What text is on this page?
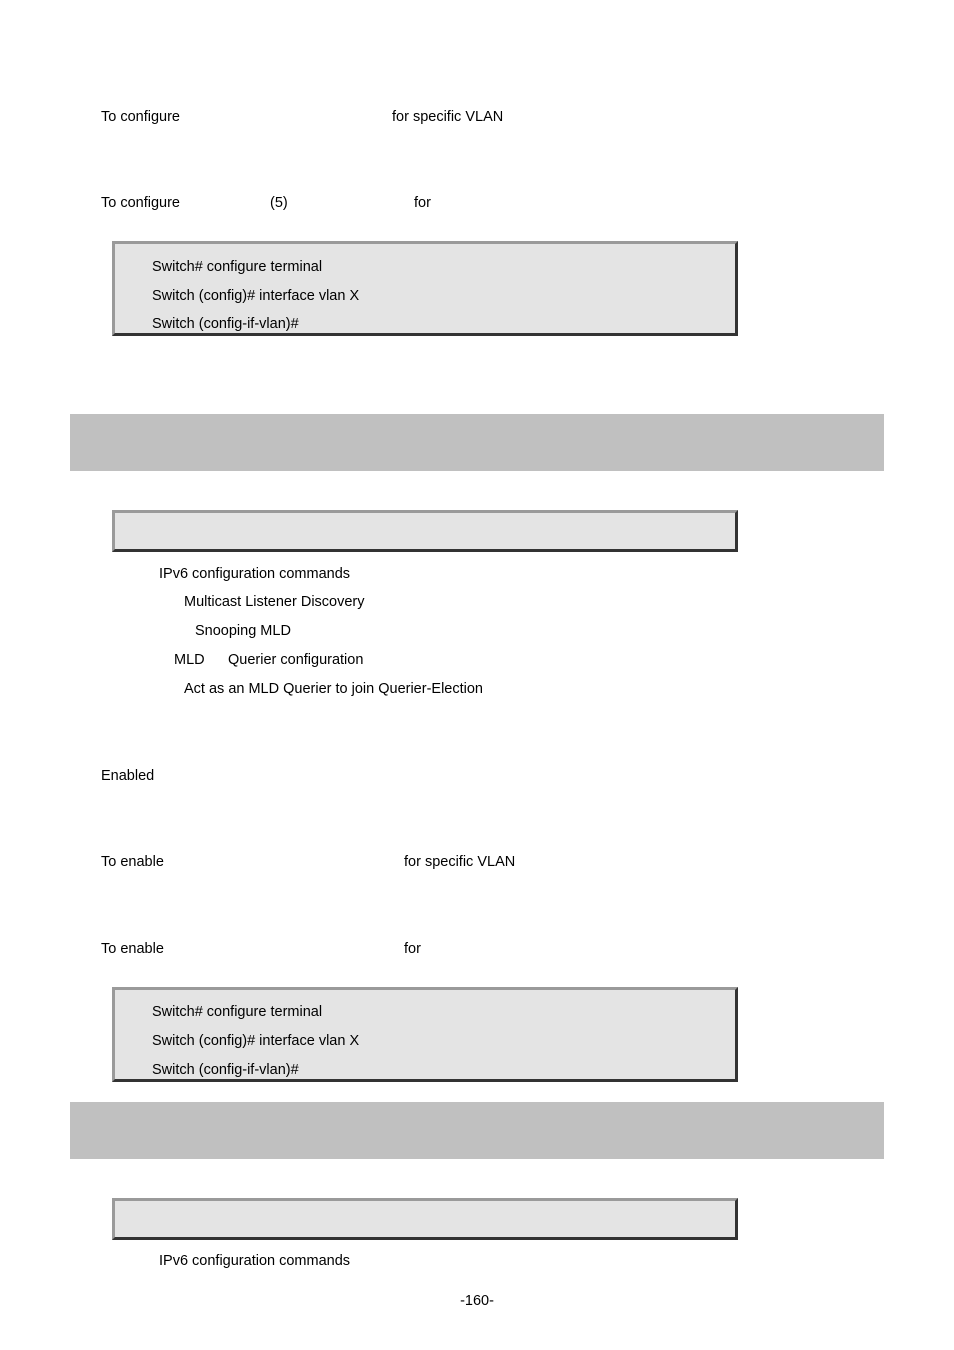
To configure	for specific VLAN
To configure	(5)	for
Switch# configure terminal
Switch (config)# interface vlan X
Switch (config-if-vlan)#
IPv6 configuration commands
Multicast Listener Discovery
Snooping MLD
MLD Querier configuration
Act as an MLD Querier to join Querier-Election
Enabled
To enable	for specific VLAN
To enable	for
Switch# configure terminal
Switch (config)# interface vlan X
Switch (config-if-vlan)#
IPv6 configuration commands
-160-
